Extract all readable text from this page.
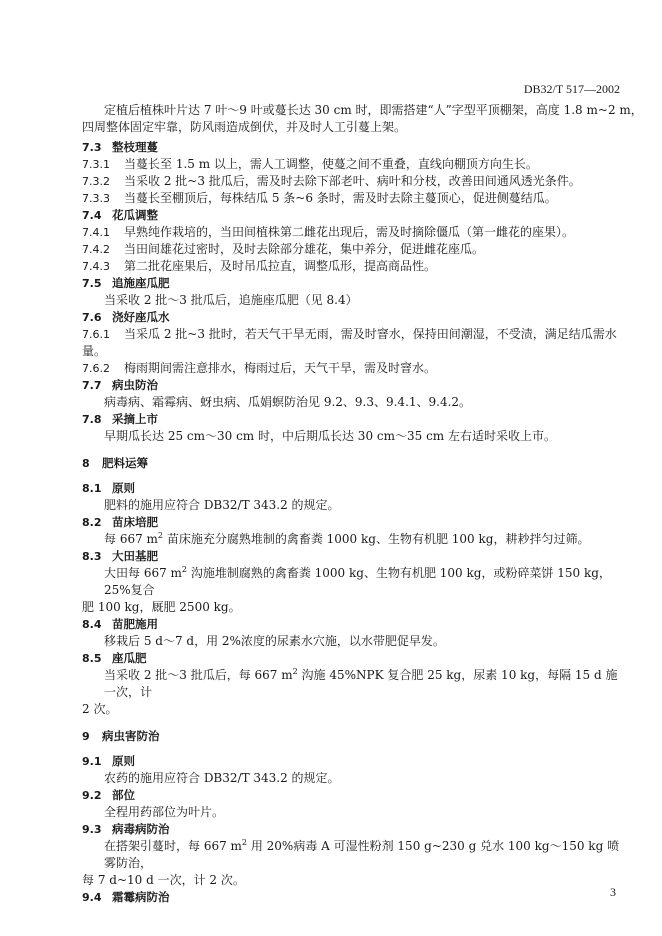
DB32/T 517—2002
定植后植株叶片达 7 叶～9 叶或蔓长达 30 cm 时，即需搭建“人”字型平顶棚架，高度 1.8 m~2 m，
四周整体固定牢靠，防风雨造成倒伏，并及时人工引蔓上架。
7.3 整枝理蔓
7.3.1 当蔓长至 1.5 m 以上，需人工调整，使蔓之间不重叠，直线向棚顶方向生长。
7.3.2 当采收 2 批~3 批瓜后，需及时去除下部老叶、病叶和分枝，改善田间通风透光条件。
7.3.3 当蔓长至棚顶后，每株结瓜 5 条~6 条时，需及时去除主蔓顶心，促进侧蔓结瓜。
7.4 花瓜调整
7.4.1 早熟纯作栽培的，当田间植株第二雌花出现后，需及时摘除僵瓜（第一雌花的座果）。
7.4.2 当田间雄花过密时，及时去除部分雄花，集中养分，促进雌花座瓜。
7.4.3 第二批花座果后，及时吊瓜拉直，调整瓜形，提高商品性。
7.5 追施座瓜肥
当采收 2 批～3 批瓜后，追施座瓜肥（见 8.4）
7.6 浇好座瓜水
7.6.1 当采瓜 2 批~3 批时，若天气干旱无雨，需及时窨水，保持田间潮湿，不受渍，满足结瓜需水
量。
7.6.2 梅雨期间需注意排水，梅雨过后，天气干旱，需及时窨水。
7.7 病虫防治
病毒病、霜霉病、蚜虫病、瓜娟螟防治见 9.2、9.3、9.4.1、9.4.2。
7.8 采摘上市
早期瓜长达 25 cm～30 cm 时，中后期瓜长达 30 cm～35 cm 左右适时采收上市。
8 肥料运筹
8.1 原则
肥料的施用应符合 DB32/T 343.2 的规定。
8.2 苗床培肥
每 667 $m^2$ 苗床施充分腐熟堆制的禽畜粪 1000 kg、生物有机肥 100 kg，耕耖拌匀过筛。
8.3 大田基肥
大田每 667 $m^2$ 沟施堆制腐熟的禽畜粪 1000 kg、生物有机肥 100 kg，或粉碎菜饼 150 kg，25%复合
肥 100 kg，厩肥 2500 kg。
8.4 苗肥施用
移栽后 5 d～7 d，用 2%浓度的尿素水穴施，以水带肥促早发。
8.5 座瓜肥
当采收 2 批～3 批瓜后，每 667 $m^2$ 沟施 45%NPK 复合肥 25 kg，尿素 10 kg，每隔 15 d 施一次，计
2 次。
9 病虫害防治
9.1 原则
农药的施用应符合 DB32/T 343.2 的规定。
9.2 部位
全程用药部位为叶片。
9.3 病毒病防治
在搭架引蔓时，每 667 $m^2$ 用 20%病毒 A 可湿性粉剂 150 g~230 g 兑水 100 kg～150 kg 喷雾防治，
每 7 d~10 d 一次，计 2 次。
9.4 霜霉病防治	3
